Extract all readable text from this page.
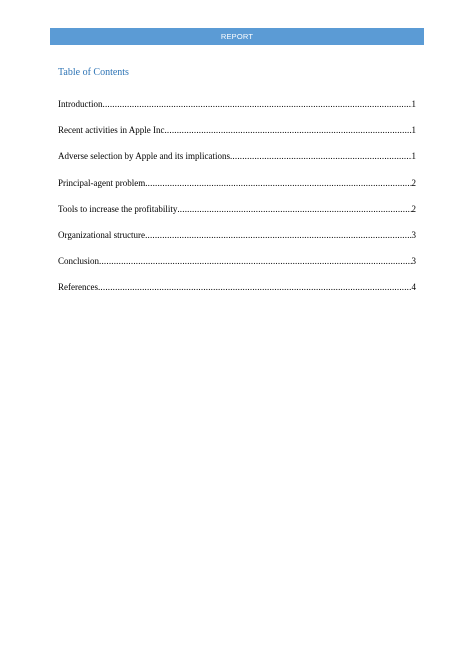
REPORT
Table of Contents
Introduction .....	1
Recent activities in Apple Inc .....	1
Adverse selection by Apple and its implications .....	1
Principal-agent problem .....	2
Tools to increase the profitability .....	2
Organizational structure .....	3
Conclusion .....	3
References .....	4
